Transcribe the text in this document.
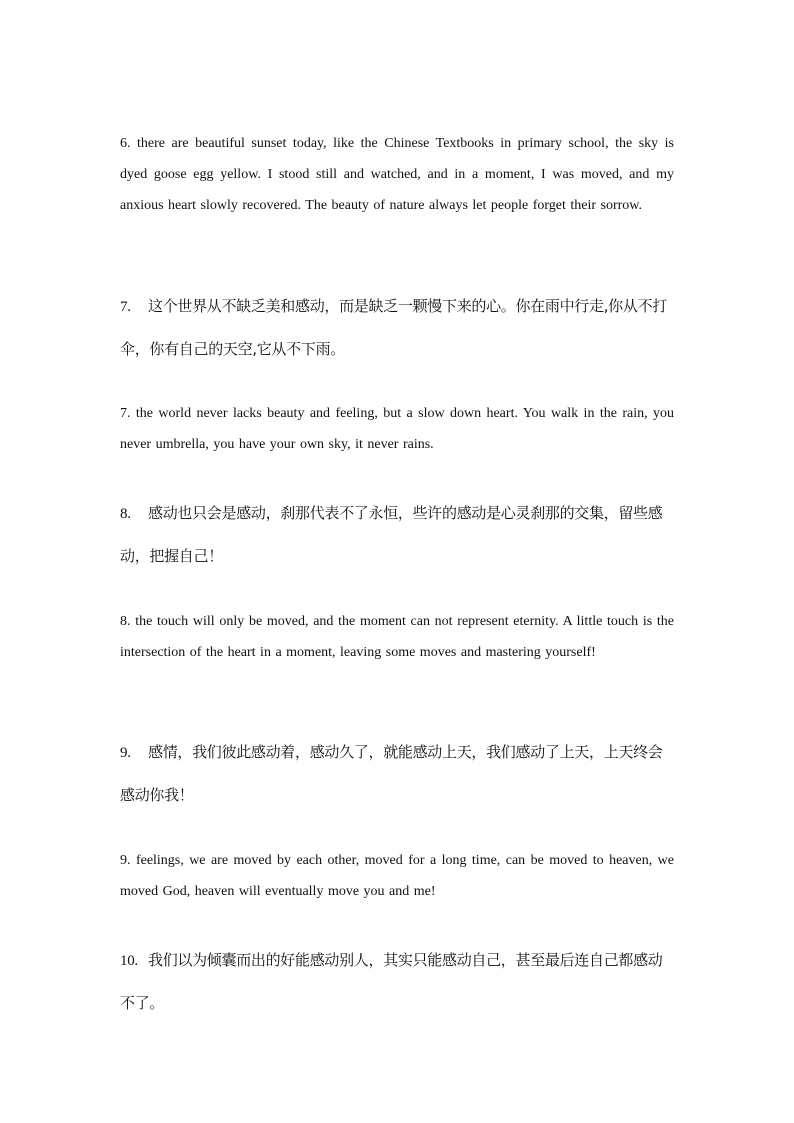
6. there are beautiful sunset today, like the Chinese Textbooks in primary school, the sky is dyed goose egg yellow. I stood still and watched, and in a moment, I was moved, and my anxious heart slowly recovered. The beauty of nature always let people forget their sorrow.

7. 这个世界从不缺乏美和感动，而是缺乏一颗慢下来的心。你在雨中行走,你从不打伞，你有自己的天空,它从不下雨。

7. the world never lacks beauty and feeling, but a slow down heart. You walk in the rain, you never umbrella, you have your own sky, it never rains.

8. 感动也只会是感动，刹那代表不了永恒，些许的感动是心灵刹那的交集，留些感动，把握自己！

8. the touch will only be moved, and the moment can not represent eternity. A little touch is the intersection of the heart in a moment, leaving some moves and mastering yourself!

9. 感情，我们彼此感动着，感动久了，就能感动上天，我们感动了上天，上天终会感动你我！

9. feelings, we are moved by each other, moved for a long time, can be moved to heaven, we moved God, heaven will eventually move you and me!

10. 我们以为倾囊而出的好能感动别人，其实只能感动自己，甚至最后连自己都感动不了。
